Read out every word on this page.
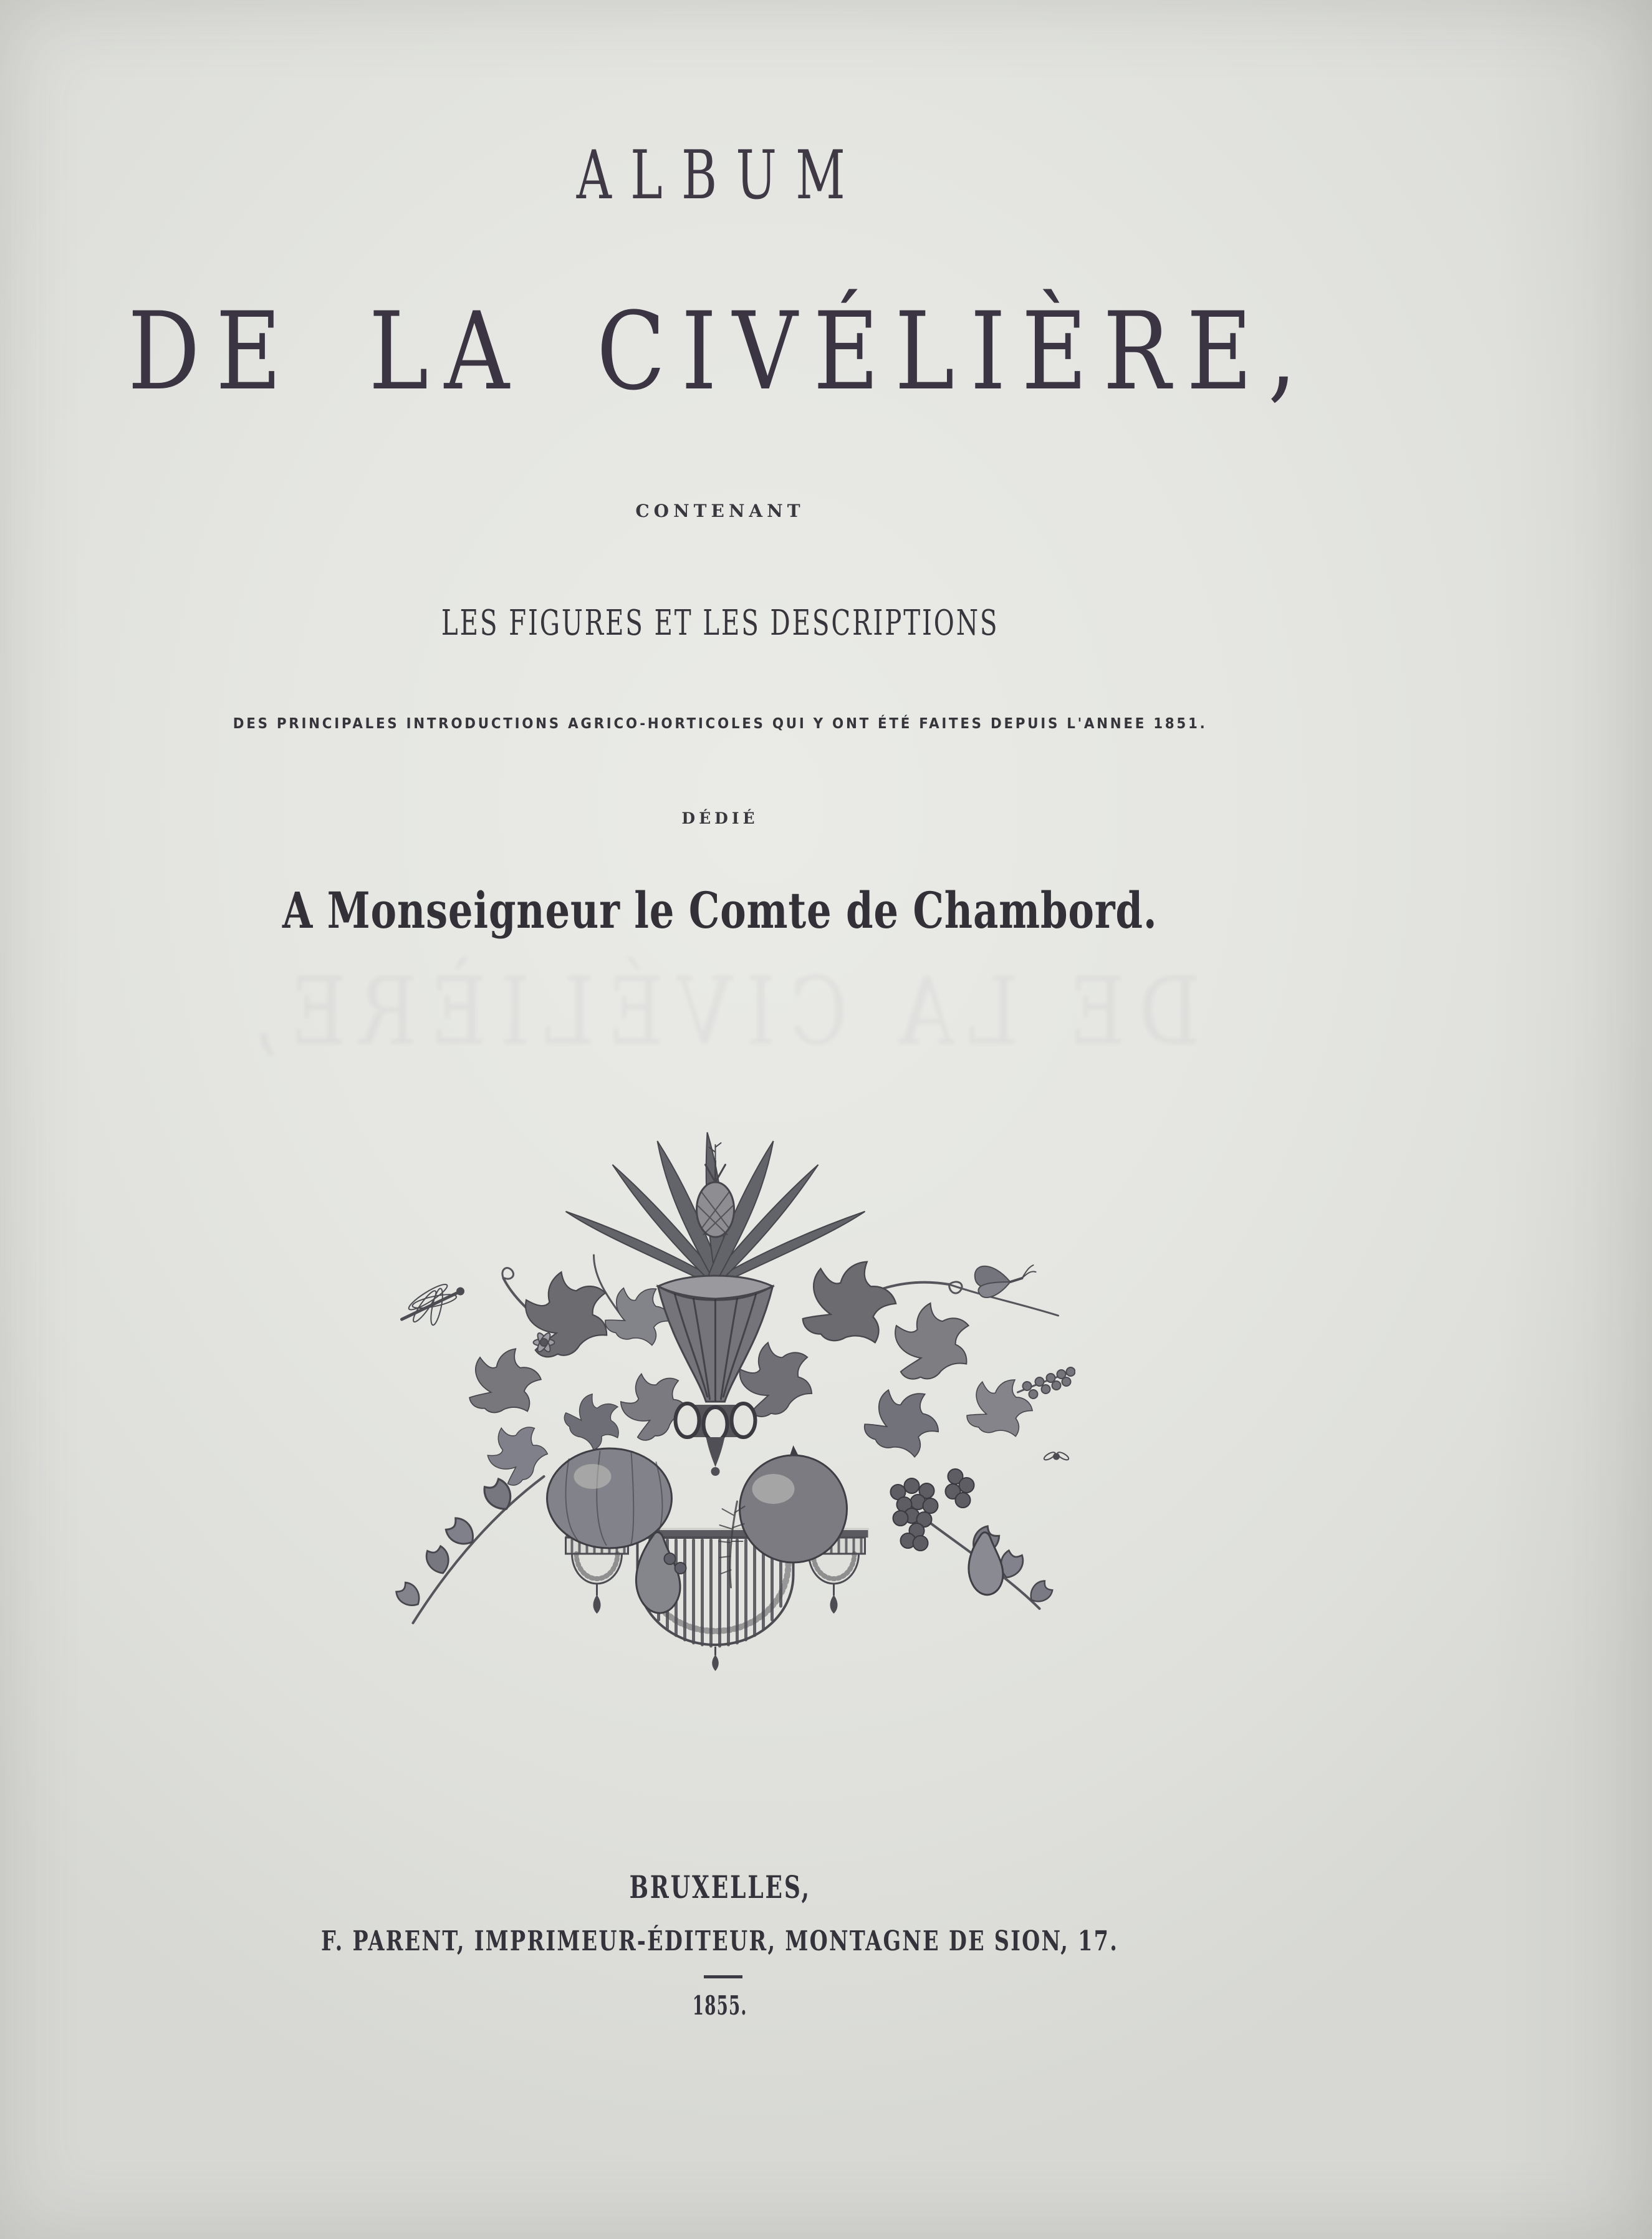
DE LA CIVÉLIÈRE,
ALBUM
DE LA CIVÉLIÈRE,
CONTENANT
LES FIGURES ET LES DESCRIPTIONS
DES PRINCIPALES INTRODUCTIONS AGRICO-HORTICOLES QUI Y ONT ÉTÉ FAITES DEPUIS L'ANNEE 1851.
DÉDIÉ
A Monseigneur le Comte de Chambord.
BRUXELLES,
F. PARENT, IMPRIMEUR-ÉDITEUR, MONTAGNE DE SION, 17.
1855.
